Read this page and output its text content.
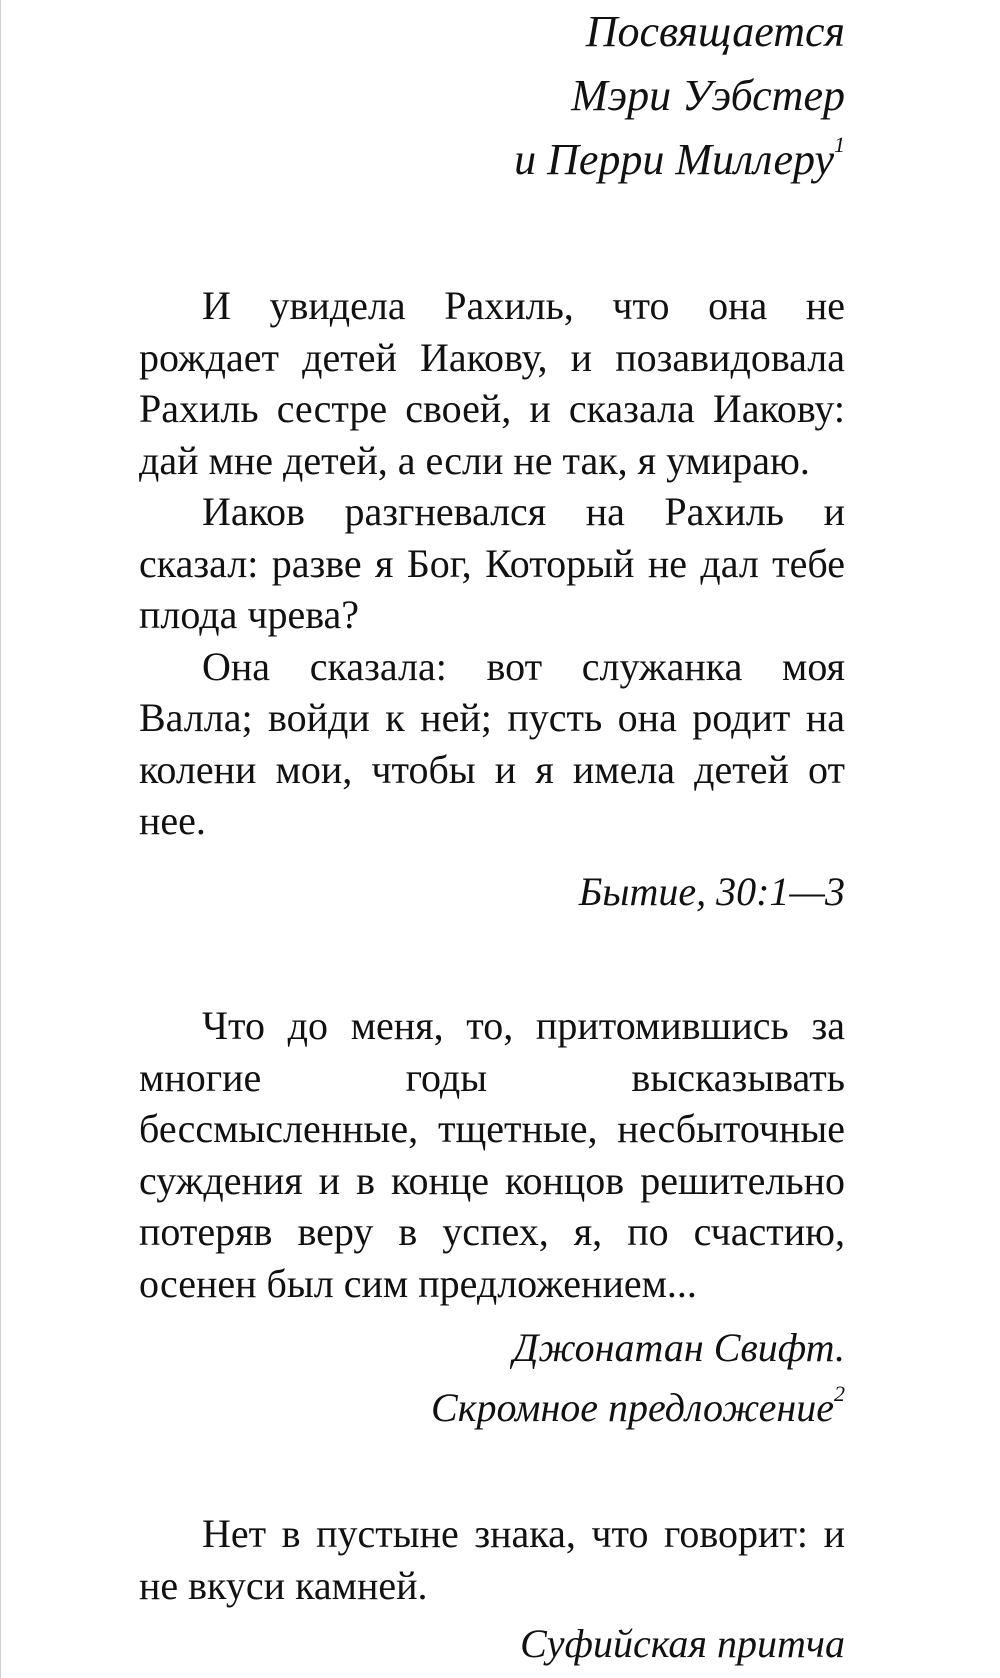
Посвящается
Мэри Уэбстер
и Перри Миллеру$^1$

И увидела Рахиль, что она не рождает детей Иакову, и позавидовала Рахиль сестре своей, и сказала Иакову: дай мне детей, а если не так, я умираю.

Иаков разгневался на Рахиль и сказал: разве я Бог, Который не дал тебе плода чрева?

Она сказала: вот служанка моя Валла; войди к ней; пусть она родит на колени мои, чтобы и я имела детей от нее.

Бытие, 30:1—3

Что до меня, то, притомившись за многие годы высказывать бессмысленные, тщетные, несбыточные суждения и в конце концов решительно потеряв веру в успех, я, по счастию, осенен был сим предложением...

Джонатан Свифт.
Скромное предложение$^2$

Нет в пустыне знака, что говорит: и не вкуси камней.

Суфийская притча
